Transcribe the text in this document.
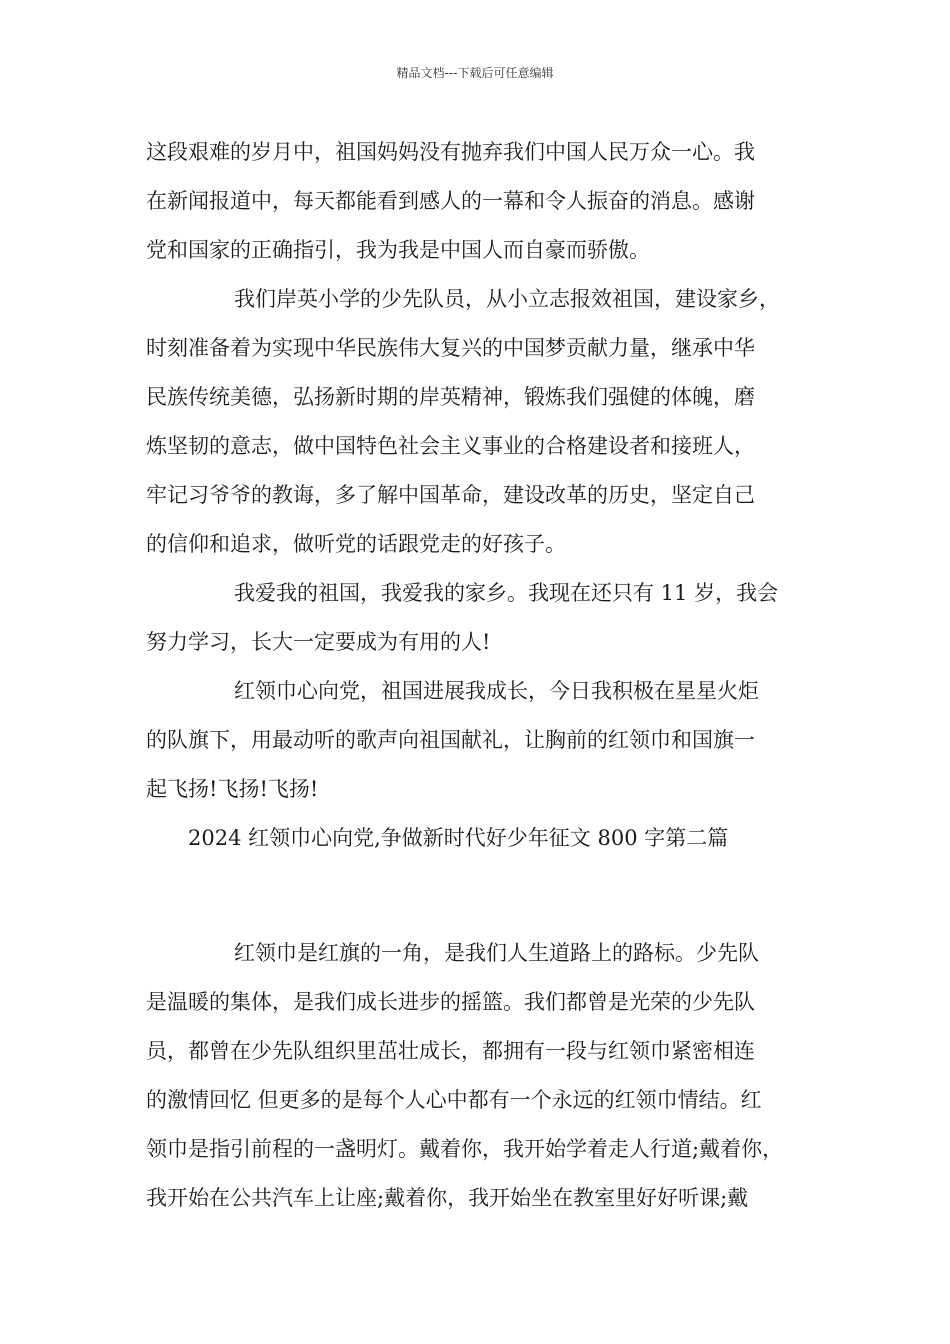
精品文档---下载后可任意编辑
这段艰难的岁月中，祖国妈妈没有抛弃我们中国人民万众一心。我
在新闻报道中，每天都能看到感人的一幕和令人振奋的消息。感谢
党和国家的正确指引，我为我是中国人而自豪而骄傲。
我们岸英小学的少先队员，从小立志报效祖国，建设家乡，
时刻准备着为实现中华民族伟大复兴的中国梦贡献力量，继承中华
民族传统美德，弘扬新时期的岸英精神，锻炼我们强健的体魄，磨
炼坚韧的意志，做中国特色社会主义事业的合格建设者和接班人，
牢记习爷爷的教诲，多了解中国革命，建设改革的历史，坚定自己
的信仰和追求，做听党的话跟党走的好孩子。
我爱我的祖国，我爱我的家乡。我现在还只有 11 岁，我会
努力学习，长大一定要成为有用的人!
红领巾心向党，祖国进展我成长，今日我积极在星星火炬
的队旗下，用最动听的歌声向祖国献礼，让胸前的红领巾和国旗一
起飞扬!飞扬!飞扬!
2024 红领巾心向党,争做新时代好少年征文 800 字第二篇
红领巾是红旗的一角，是我们人生道路上的路标。少先队
是温暖的集体，是我们成长进步的摇篮。我们都曾是光荣的少先队
员，都曾在少先队组织里茁壮成长，都拥有一段与红领巾紧密相连
的激情回忆 但更多的是每个人心中都有一个永远的红领巾情结。红
领巾是指引前程的一盏明灯。戴着你，我开始学着走人行道;戴着你，
我开始在公共汽车上让座;戴着你，我开始坐在教室里好好听课;戴
